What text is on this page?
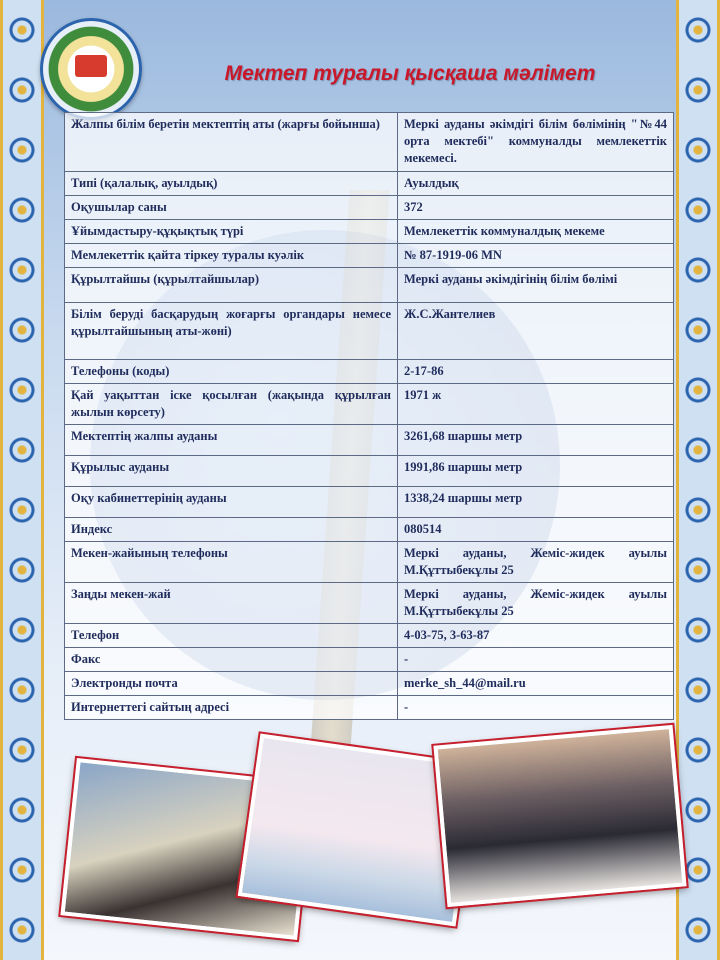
Мектеп туралы қысқаша мәлімет
Жалпы білім беретін мектептің аты (жарғы бойынша)	Меркі ауданы әкімдігі білім бөлімінің "№44 орта мектебі" коммуналды мемлекеттік мекемесі.
Типі (қалалық, ауылдық)	Ауылдық
Оқушылар саны	372
Ұйымдастыру-құқықтық түрі	Мемлекеттік коммуналдық мекеме
Мемлекеттік қайта тіркеу туралы куәлік	№ 87-1919-06 MN
Құрылтайшы (құрылтайшылар)	Меркі ауданы әкімдігінің білім бөлімі
Білім беруді басқарудың жоғарғы органдары немесе құрылтайшының аты-жөні)	Ж.С.Жантелиев
Телефоны (коды)	2-17-86
Қай уақыттан іске қосылған (жақында құрылған жылын көрсету)	1971 ж
Мектептің жалпы ауданы	3261,68 шаршы метр
Құрылыс ауданы	1991,86 шаршы метр
Оқу кабинеттерінің ауданы	1338,24 шаршы метр
Индекс	080514
Мекен-жайының телефоны	Меркі ауданы, Жеміс-жидек ауылы М.Құттыбекұлы 25
Заңды мекен-жай	Меркі ауданы, Жеміс-жидек ауылы М.Құттыбекұлы 25
Телефон	4-03-75, 3-63-87
Факс	-
Электронды почта	merke_sh_44@mail.ru
Интернеттегі сайтың адресі	-
